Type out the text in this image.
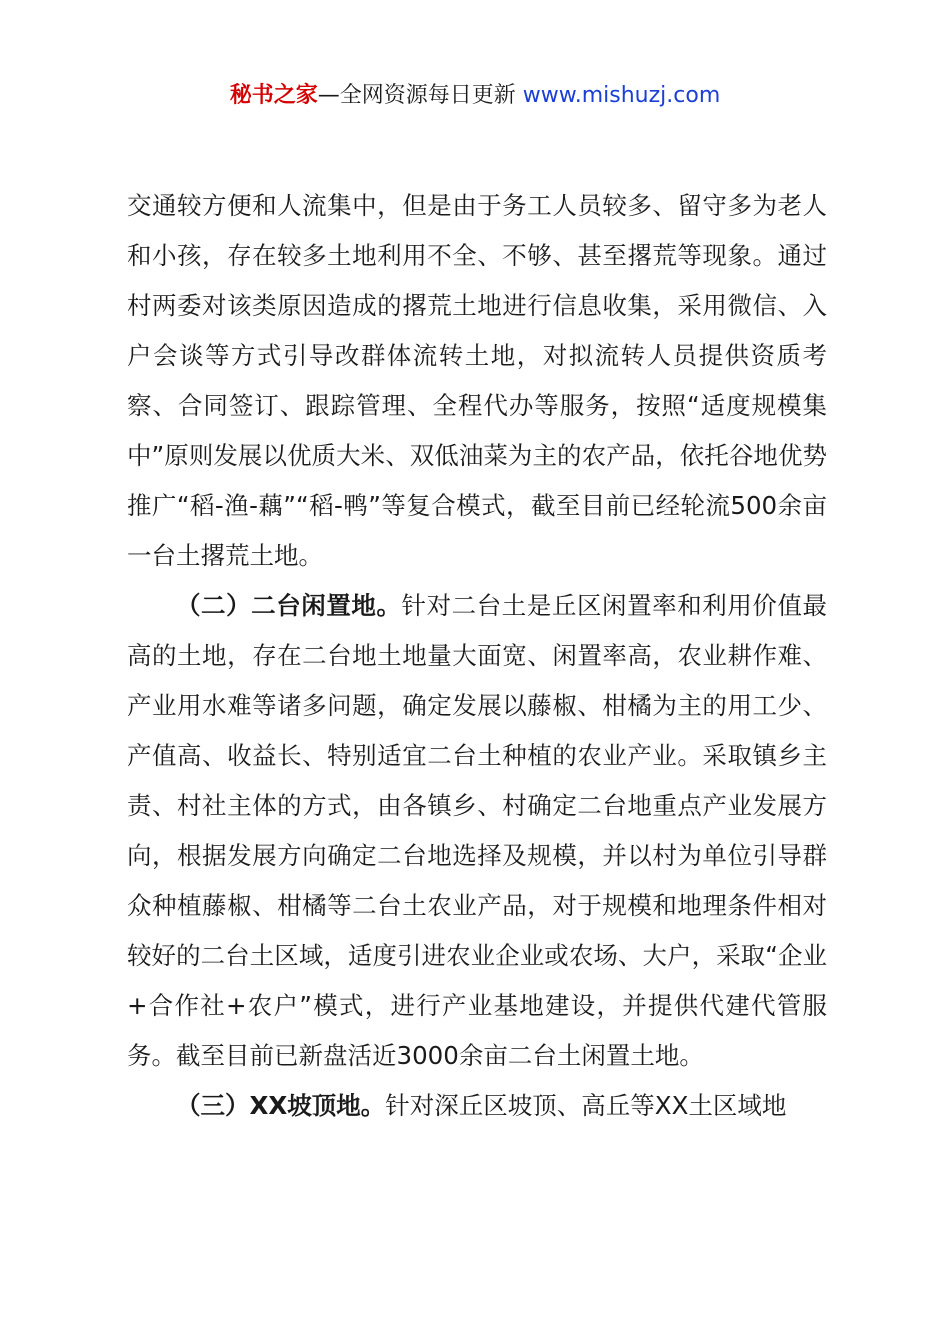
秘书之家—全网资源每日更新 www.mishuzj.com

交通较方便和人流集中，但是由于务工人员较多、留守多为老人和小孩，存在较多土地利用不全、不够、甚至撂荒等现象。通过村两委对该类原因造成的撂荒土地进行信息收集，采用微信、入户会谈等方式引导改群体流转土地，对拟流转人员提供资质考察、合同签订、跟踪管理、全程代办等服务，按照“适度规模集中”原则发展以优质大米、双低油菜为主的农产品，依托谷地优势推广“稻-渔-藕”“稻-鸭”等复合模式，截至目前已经轮流500余亩一台土撂荒土地。

（二）二台闲置地。针对二台土是丘区闲置率和利用价值最高的土地，存在二台地土地量大面宽、闲置率高，农业耕作难、产业用水难等诸多问题，确定发展以藤椒、柑橘为主的用工少、产值高、收益长、特别适宜二台土种植的农业产业。采取镇乡主责、村社主体的方式，由各镇乡、村确定二台地重点产业发展方向，根据发展方向确定二台地选择及规模，并以村为单位引导群众种植藤椒、柑橘等二台土农业产品，对于规模和地理条件相对较好的二台土区域，适度引进农业企业或农场、大户，采取“企业+合作社+农户”模式，进行产业基地建设，并提供代建代管服务。截至目前已新盘活近3000余亩二台土闲置土地。

（三）XX坡顶地。针对深丘区坡顶、高丘等XX土区域地
